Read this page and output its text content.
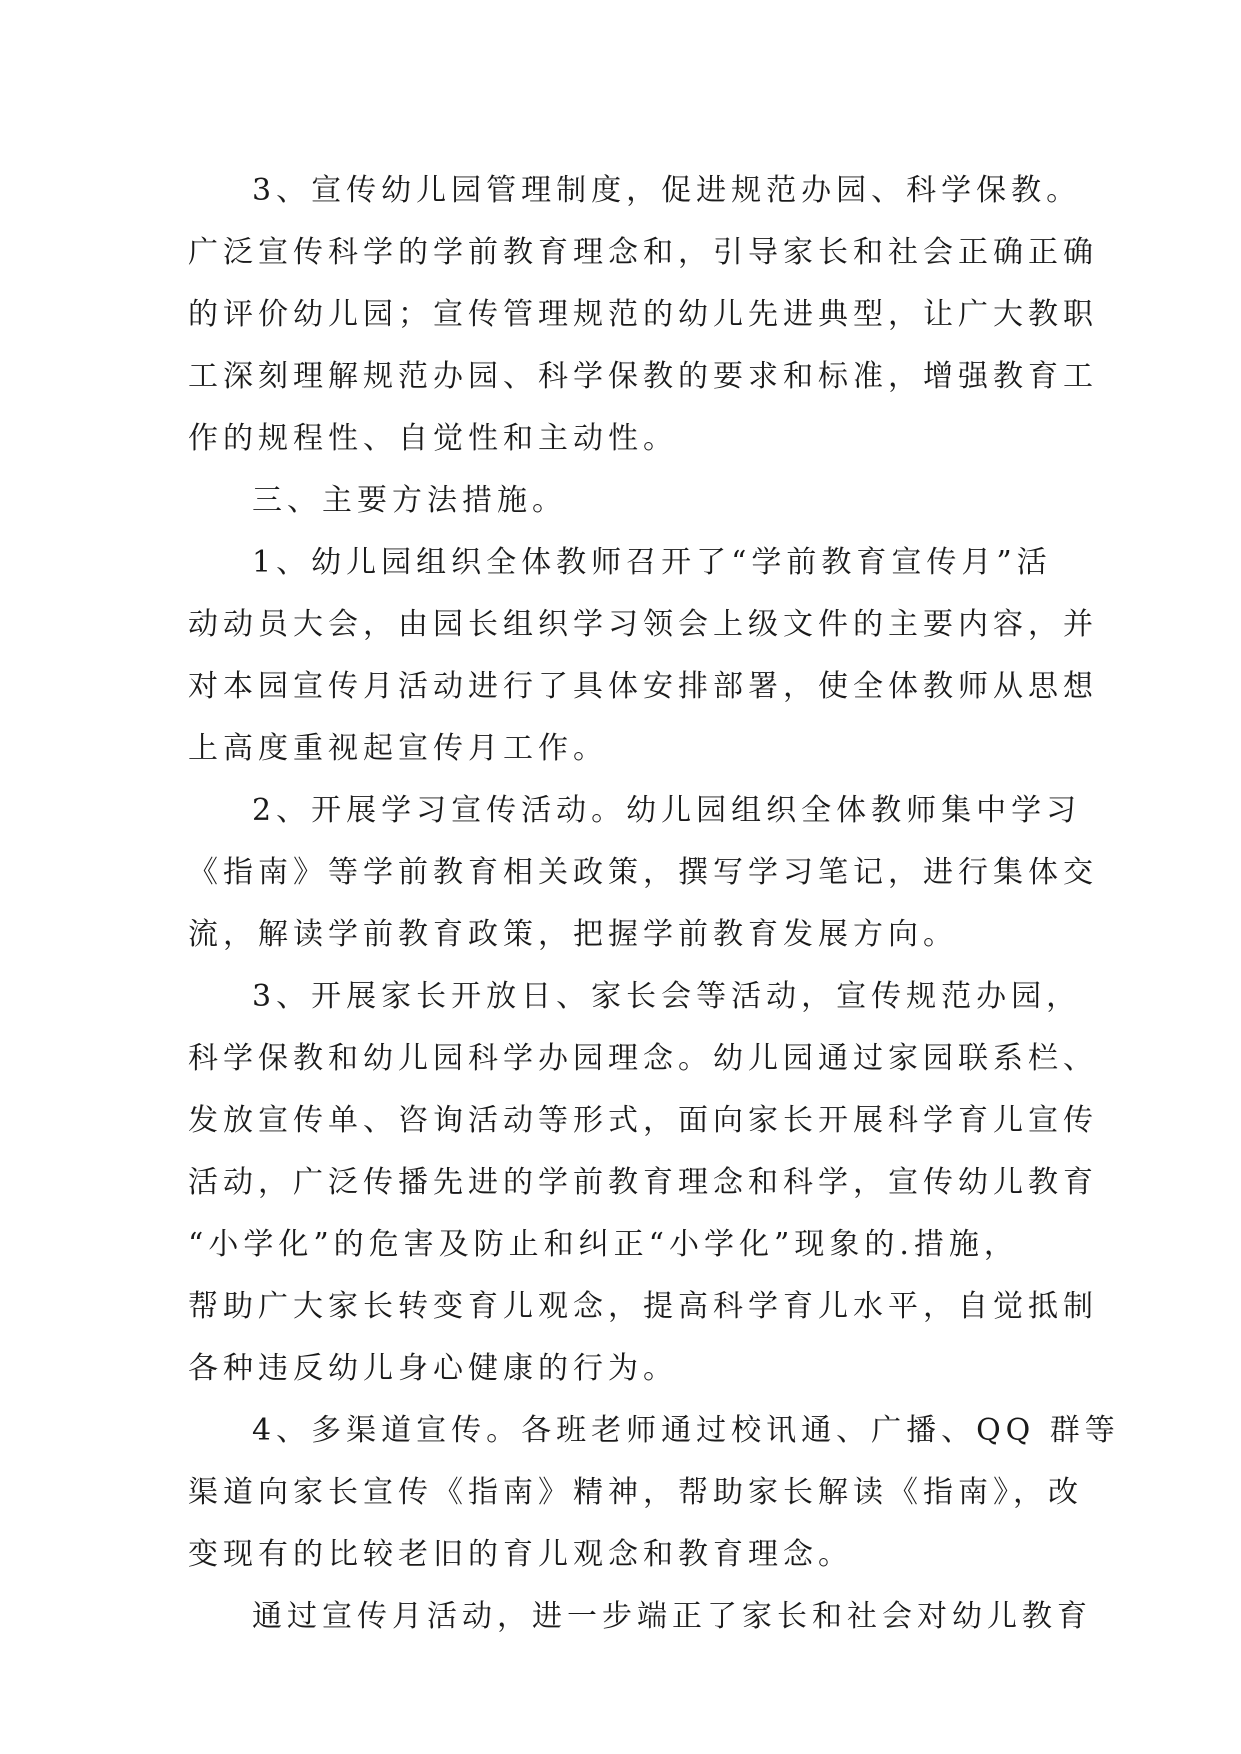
3、宣传幼儿园管理制度，促进规范办园、科学保教。
广泛宣传科学的学前教育理念和，引导家长和社会正确正确
的评价幼儿园；宣传管理规范的幼儿先进典型，让广大教职
工深刻理解规范办园、科学保教的要求和标准，增强教育工
作的规程性、自觉性和主动性。
三、主要方法措施。
1、幼儿园组织全体教师召开了“学前教育宣传月”活
动动员大会，由园长组织学习领会上级文件的主要内容，并
对本园宣传月活动进行了具体安排部署，使全体教师从思想
上高度重视起宣传月工作。
2、开展学习宣传活动。幼儿园组织全体教师集中学习
《指南》等学前教育相关政策，撰写学习笔记，进行集体交
流，解读学前教育政策，把握学前教育发展方向。
3、开展家长开放日、家长会等活动，宣传规范办园，
科学保教和幼儿园科学办园理念。幼儿园通过家园联系栏、
发放宣传单、咨询活动等形式，面向家长开展科学育儿宣传
活动，广泛传播先进的学前教育理念和科学，宣传幼儿教育
“小学化”的危害及防止和纠正“小学化”现象的.措施，
帮助广大家长转变育儿观念，提高科学育儿水平，自觉抵制
各种违反幼儿身心健康的行为。
4、多渠道宣传。各班老师通过校讯通、广播、QQ 群等
渠道向家长宣传《指南》精神，帮助家长解读《指南》，改
变现有的比较老旧的育儿观念和教育理念。
通过宣传月活动，进一步端正了家长和社会对幼儿教育
